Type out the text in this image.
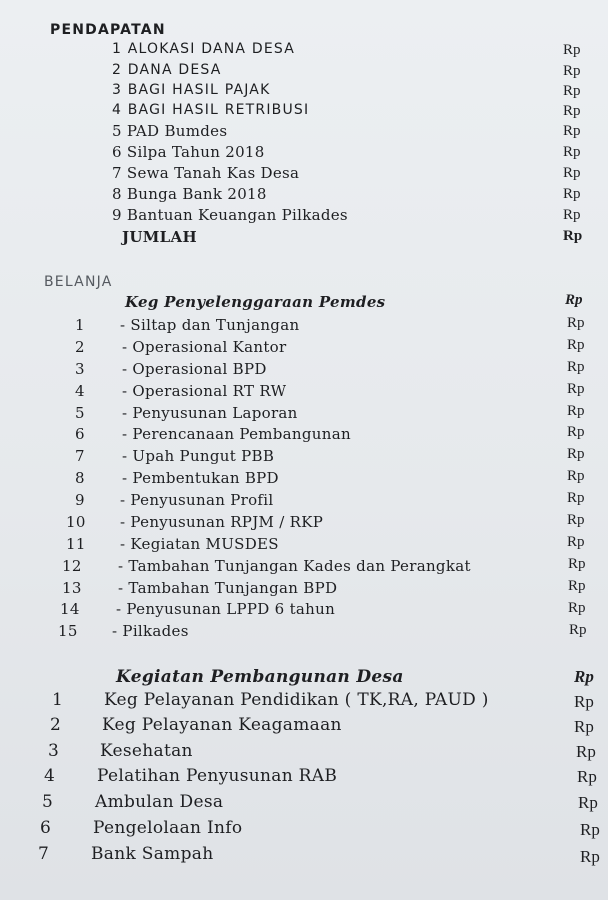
PENDAPATAN
1 ALOKASI DANA DESA	Rp
2 DANA DESA	Rp
3 BAGI HASIL PAJAK	Rp
4 BAGI HASIL RETRIBUSI	Rp
5 PAD Bumdes	Rp
6 Silpa Tahun 2018	Rp
7 Sewa Tanah Kas Desa	Rp
8 Bunga Bank 2018	Rp
9 Bantuan Keuangan Pilkades	Rp
JUMLAH	Rp
BELANJA
Keg Penyelenggaraan Pemdes	Rp
1 - Siltap dan Tunjangan	Rp
2 - Operasional Kantor	Rp
3 - Operasional BPD	Rp
4 - Operasional RT RW	Rp
5 - Penyusunan Laporan	Rp
6 - Perencanaan Pembangunan	Rp
7 - Upah Pungut PBB	Rp
8 - Pembentukan BPD	Rp
9 - Penyusunan Profil	Rp
10 - Penyusunan RPJM / RKP	Rp
11 - Kegiatan MUSDES	Rp
12 - Tambahan Tunjangan Kades dan Perangkat	Rp
13 - Tambahan Tunjangan BPD	Rp
14 - Penyusunan LPPD 6 tahun	Rp
15 - Pilkades	Rp
Kegiatan Pembangunan Desa	Rp
1 Keg Pelayanan Pendidikan ( TK,RA, PAUD )	Rp
2 Keg Pelayanan Keagamaan	Rp
3 Kesehatan	Rp
4 Pelatihan Penyusunan RAB	Rp
5 Ambulan Desa	Rp
6 Pengelolaan Info	Rp
7 Bank Sampah	Rp
